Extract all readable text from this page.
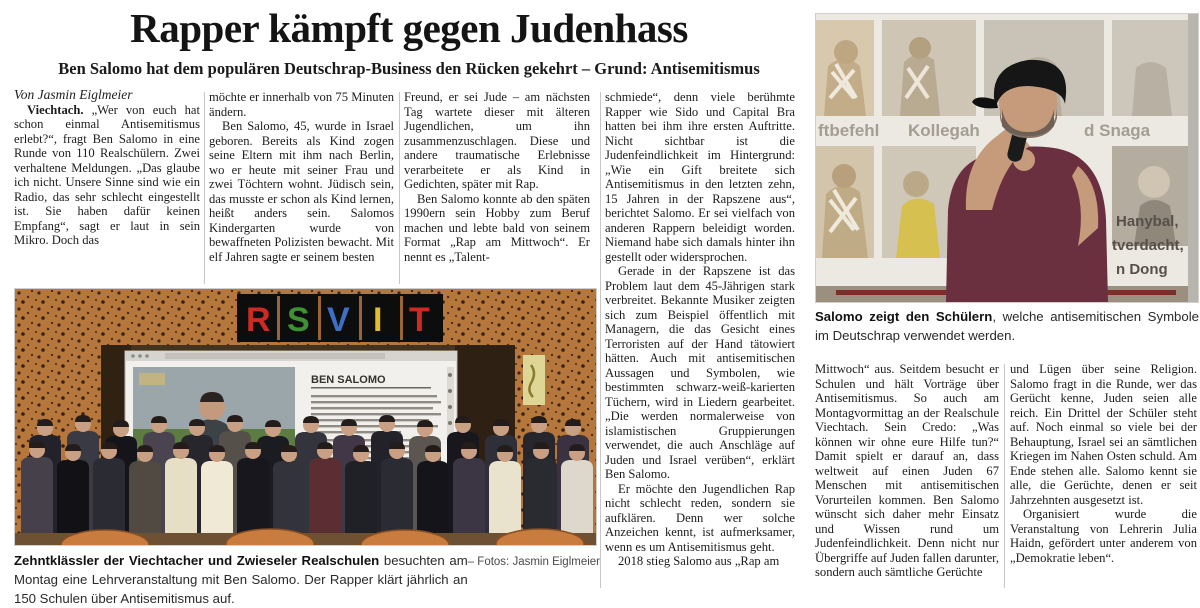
Rapper kämpft gegen Judenhass
Ben Salomo hat dem populären Deutschrap-Business den Rücken gekehrt – Grund: Antisemitismus

Von Jasmin Eiglmeier

Viechtach. „Wer von euch hat schon einmal Antisemitismus erlebt?“, fragt Ben Salomo in eine Runde von 110 Realschülern. Zwei verhaltene Meldungen. „Das glaube ich nicht. Unsere Sinne sind wie ein Radio, das sehr schlecht eingestellt ist. Sie haben dafür keinen Empfang“, sagt er laut in sein Mikro. Doch das

möchte er innerhalb von 75 Minuten ändern.

Ben Salomo, 45, wurde in Israel geboren. Bereits als Kind zogen seine Eltern mit ihm nach Berlin, wo er heute mit seiner Frau und zwei Töchtern wohnt. Jüdisch sein, das musste er schon als Kind lernen, heißt anders sein. Salomos Kindergarten wurde von bewaffneten Polizisten bewacht. Mit elf Jahren sagte er seinem besten

Freund, er sei Jude – am nächsten Tag wartete dieser mit älteren Jugendlichen, um ihn zusammenzuschlagen. Diese und andere traumatische Erlebnisse verarbeitete er als Kind in Gedichten, später mit Rap.

Ben Salomo konnte ab den späten 1990ern sein Hobby zum Beruf machen und lebte bald von seinem Format „Rap am Mittwoch“. Er nennt es „Talent-

schmiede“, denn viele berühmte Rapper wie Sido und Capital Bra hatten bei ihm ihre ersten Auftritte. Nicht sichtbar ist die Judenfeindlichkeit im Hintergrund: „Wie ein Gift breitete sich Antisemitismus in den letzten zehn, 15 Jahren in der Rapszene aus“, berichtet Salomo. Er sei vielfach von anderen Rappern beleidigt worden. Niemand habe sich damals hinter ihn gestellt oder widersprochen.

Gerade in der Rapszene ist das Problem laut dem 45-Jährigen stark verbreitet. Bekannte Musiker zeigten sich zum Beispiel öffentlich mit Managern, die das Gesicht eines Terroristen auf der Hand tätowiert hätten. Auch mit antisemitischen Aussagen und Symbolen, wie bestimmten schwarz-weiß-karierten Tüchern, wird in Liedern gearbeitet. „Die werden normalerweise von islamistischen Gruppierungen verwendet, die auch Anschläge auf Juden und Israel verüben“, erklärt Ben Salomo.

Er möchte den Jugendlichen Rap nicht schlecht reden, sondern sie aufklären. Denn wer solche Anzeichen kennt, ist aufmerksamer, wenn es um Antisemitismus geht.

2018 stieg Salomo aus „Rap am

Mittwoch“ aus. Seitdem besucht er Schulen und hält Vorträge über Antisemitismus. So auch am Montagvormittag an der Realschule Viechtach. Sein Credo: „Was können wir ohne eure Hilfe tun?“ Damit spielt er darauf an, dass weltweit auf einen Juden 67 Menschen mit antisemitischen Vorurteilen kommen. Ben Salomo wünscht sich daher mehr Einsatz und Wissen rund um Judenfeindlichkeit. Denn nicht nur Übergriffe auf Juden fallen darunter, sondern auch sämtliche Gerüchte

und Lügen über seine Religion. Salomo fragt in die Runde, wer das Gerücht kenne, Juden seien alle reich. Ein Drittel der Schüler steht auf. Noch einmal so viele bei der Behauptung, Israel sei an sämtlichen Kriegen im Nahen Osten schuld. Am Ende stehen alle. Salomo kennt sie alle, die Gerüchte, denen er seit Jahrzehnten ausgesetzt ist.

Organisiert wurde die Veranstaltung von Lehrerin Julia Haidn, gefördert unter anderem von „Demokratie leben“.

R S V I T
BEN SALOMO
– Fotos: Jasmin Eiglmeier
Zehntklässler der Viechtacher und Zwieseler Realschulen besuchten am Montag eine Lehrveranstaltung mit Ben Salomo. Der Rapper klärt jährlich an 150 Schulen über Antisemitismus auf.
ftbefehl Kollegah	d Snaga
Hanybal,
tverdacht,
n Dong
Salomo zeigt den Schülern, welche antisemitischen Symbole im Deutschrap verwendet werden.
